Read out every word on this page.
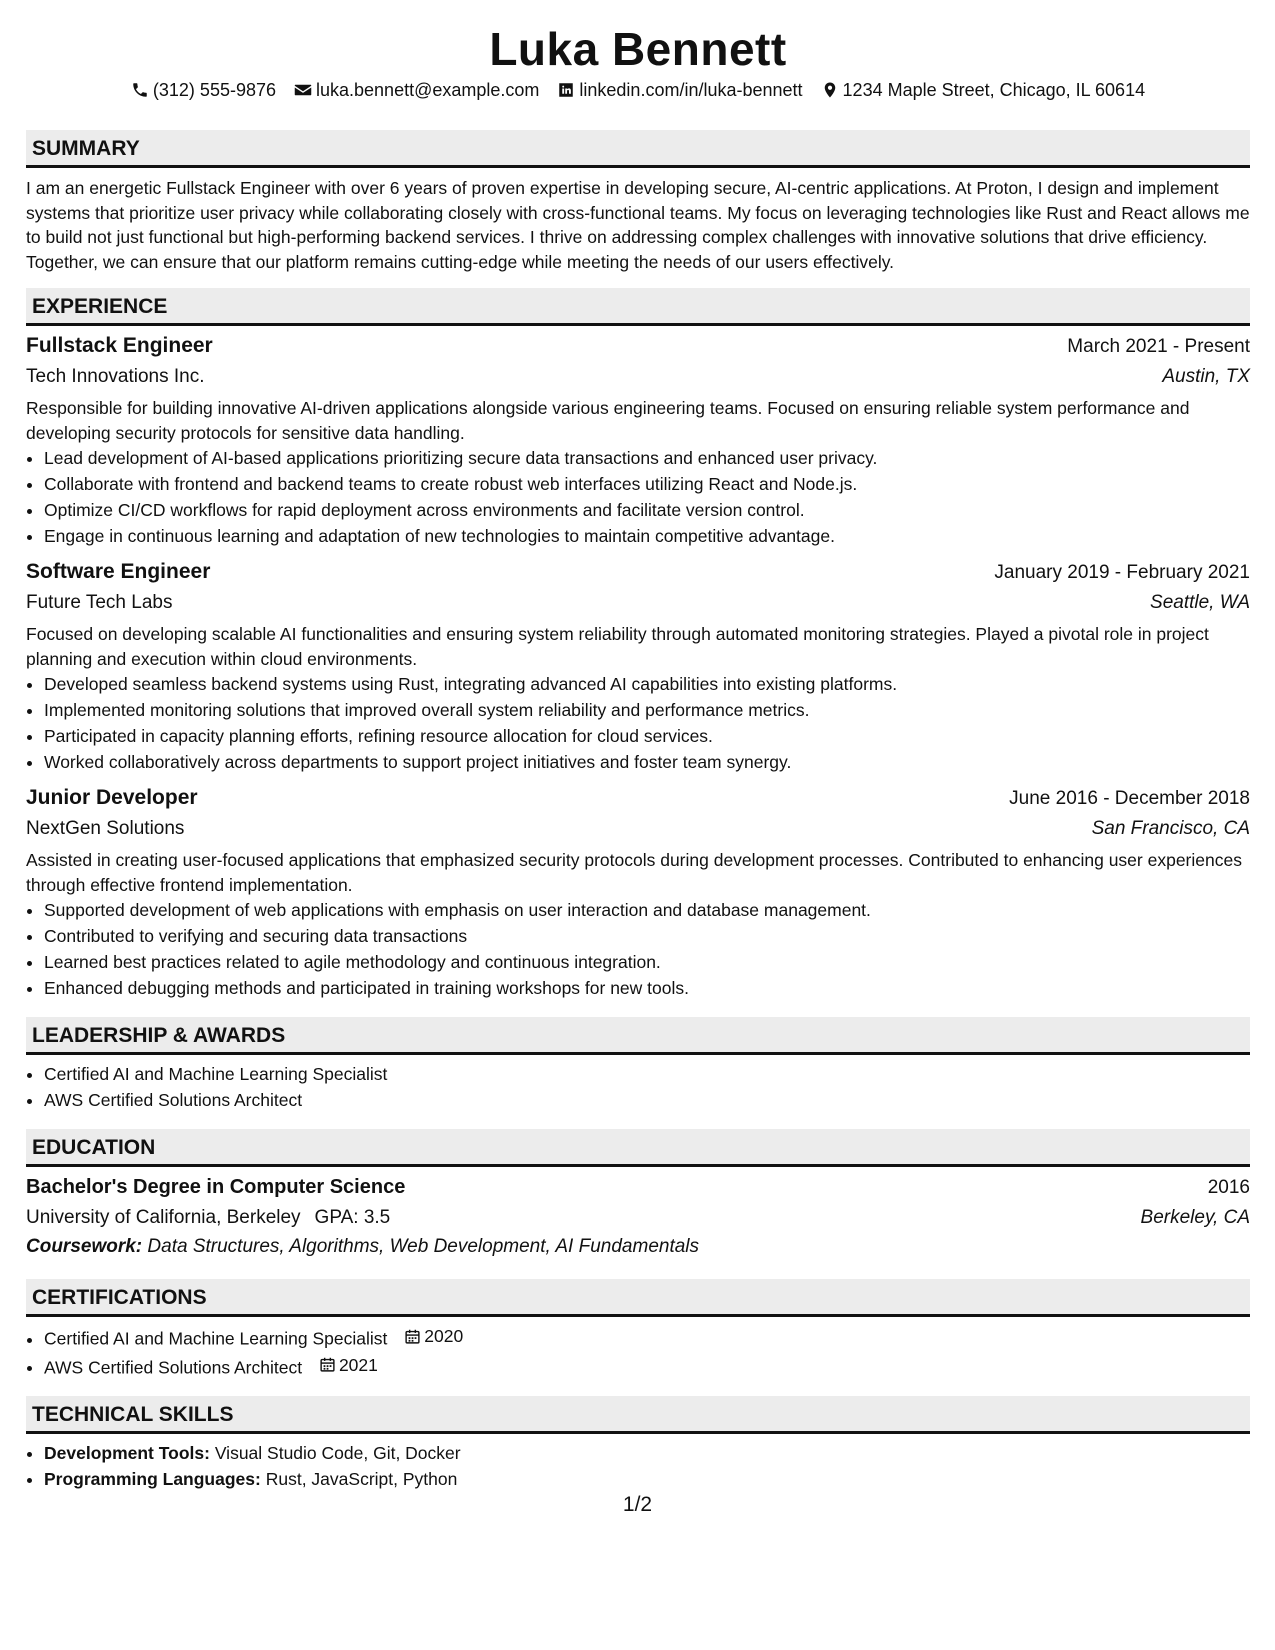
Luka Bennett
(312) 555-9876 luka.bennett@example.com linkedin.com/in/luka-bennett 1234 Maple Street, Chicago, IL 60614
SUMMARY

I am an energetic Fullstack Engineer with over 6 years of proven expertise in developing secure, AI-centric applications. At Proton, I design and implement systems that prioritize user privacy while collaborating closely with cross-functional teams. My focus on leveraging technologies like Rust and React allows me to build not just functional but high-performing backend services. I thrive on addressing complex challenges with innovative solutions that drive efficiency. Together, we can ensure that our platform remains cutting-edge while meeting the needs of our users effectively.

EXPERIENCE
Fullstack Engineer	March 2021 - Present
Tech Innovations Inc.	Austin, TX
Responsible for building innovative AI-driven applications alongside various engineering teams. Focused on ensuring reliable system performance and developing security protocols for sensitive data handling.
• Lead development of AI-based applications prioritizing secure data transactions and enhanced user privacy.
• Collaborate with frontend and backend teams to create robust web interfaces utilizing React and Node.js.
• Optimize CI/CD workflows for rapid deployment across environments and facilitate version control.
• Engage in continuous learning and adaptation of new technologies to maintain competitive advantage.
Software Engineer	January 2019 - February 2021
Future Tech Labs	Seattle, WA
Focused on developing scalable AI functionalities and ensuring system reliability through automated monitoring strategies. Played a pivotal role in project planning and execution within cloud environments.
• Developed seamless backend systems using Rust, integrating advanced AI capabilities into existing platforms.
• Implemented monitoring solutions that improved overall system reliability and performance metrics.
• Participated in capacity planning efforts, refining resource allocation for cloud services.
• Worked collaboratively across departments to support project initiatives and foster team synergy.
Junior Developer	June 2016 - December 2018
NextGen Solutions	San Francisco, CA
Assisted in creating user-focused applications that emphasized security protocols during development processes. Contributed to enhancing user experiences through effective frontend implementation.
• Supported development of web applications with emphasis on user interaction and database management.
• Contributed to verifying and securing data transactions
• Learned best practices related to agile methodology and continuous integration.
• Enhanced debugging methods and participated in training workshops for new tools.
LEADERSHIP & AWARDS
• Certified AI and Machine Learning Specialist
• AWS Certified Solutions Architect
EDUCATION
Bachelor's Degree in Computer Science	2016
University of California, Berkeley GPA: 3.5	Berkeley, CA
Coursework: Data Structures, Algorithms, Web Development, AI Fundamentals
CERTIFICATIONS
• Certified AI and Machine Learning Specialist 2020
• AWS Certified Solutions Architect 2021
TECHNICAL SKILLS
• Development Tools: Visual Studio Code, Git, Docker
• Programming Languages: Rust, JavaScript, Python
1/2
